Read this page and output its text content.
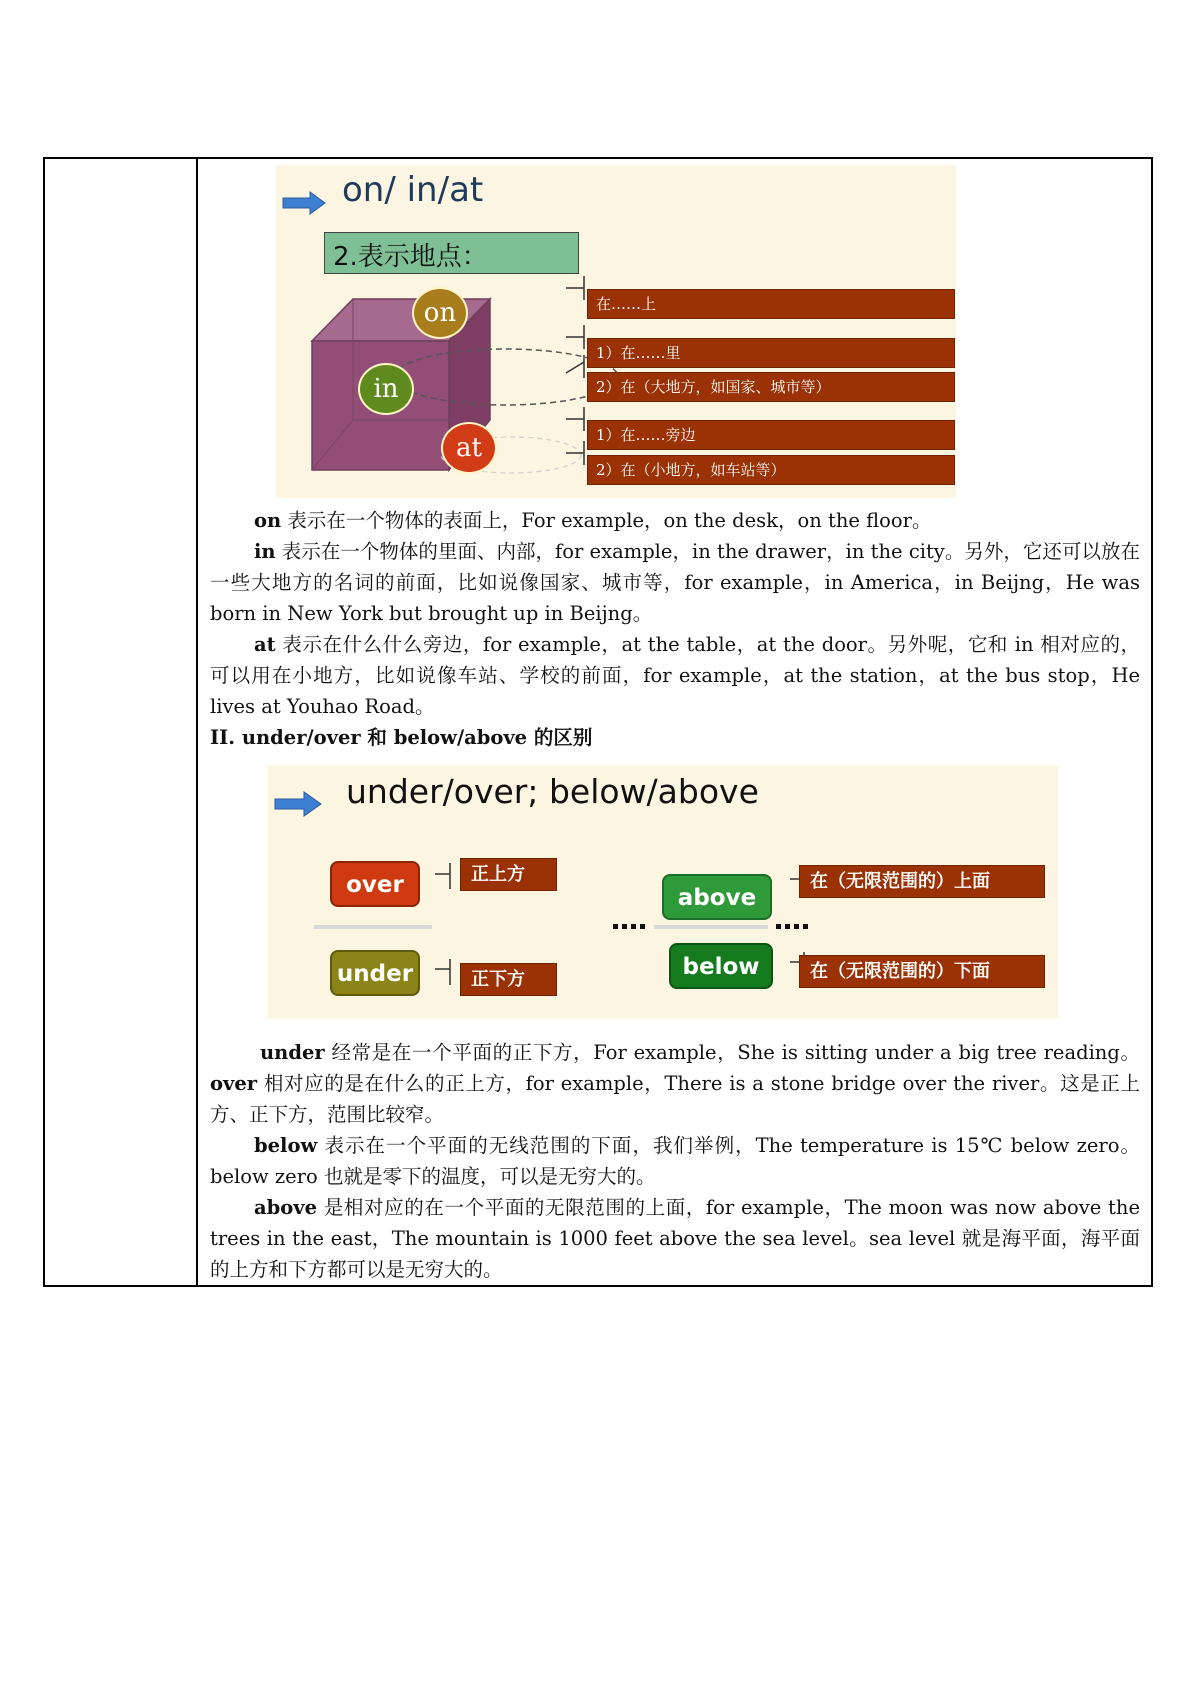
on/ in/at
2.表示地点：
on
in
at
在……上
1）在……里
2）在（大地方，如国家、城市等）
1）在……旁边
2）在（小地方，如车站等）

on 表示在一个物体的表面上，For example，on the desk，on the floor。

in 表示在一个物体的里面、内部，for example，in the drawer，in the city。另外，它还可以放在一些大地方的名词的前面，比如说像国家、城市等，for example，in America，in Beijng，He was born in New York but brought up in Beijng。

at 表示在什么什么旁边，for example，at the table，at the door。另外呢，它和 in 相对应的，可以用在小地方，比如说像车站、学校的前面，for example，at the station，at the bus stop，He lives at Youhao Road。

II. under/over 和 below/above 的区别
under/over; below/above
over
under
above
below
正上方
正下方
在（无限范围的）上面
在（无限范围的）下面

under 经常是在一个平面的正下方，For example，She is sitting under a big tree reading。over 相对应的是在什么的正上方，for example，There is a stone bridge over the river。这是正上方、正下方，范围比较窄。

below 表示在一个平面的无线范围的下面，我们举例，The temperature is 15℃ below zero。below zero 也就是零下的温度，可以是无穷大的。

above 是相对应的在一个平面的无限范围的上面，for example，The moon was now above the trees in the east，The mountain is 1000 feet above the sea level。sea level 就是海平面，海平面的上方和下方都可以是无穷大的。
